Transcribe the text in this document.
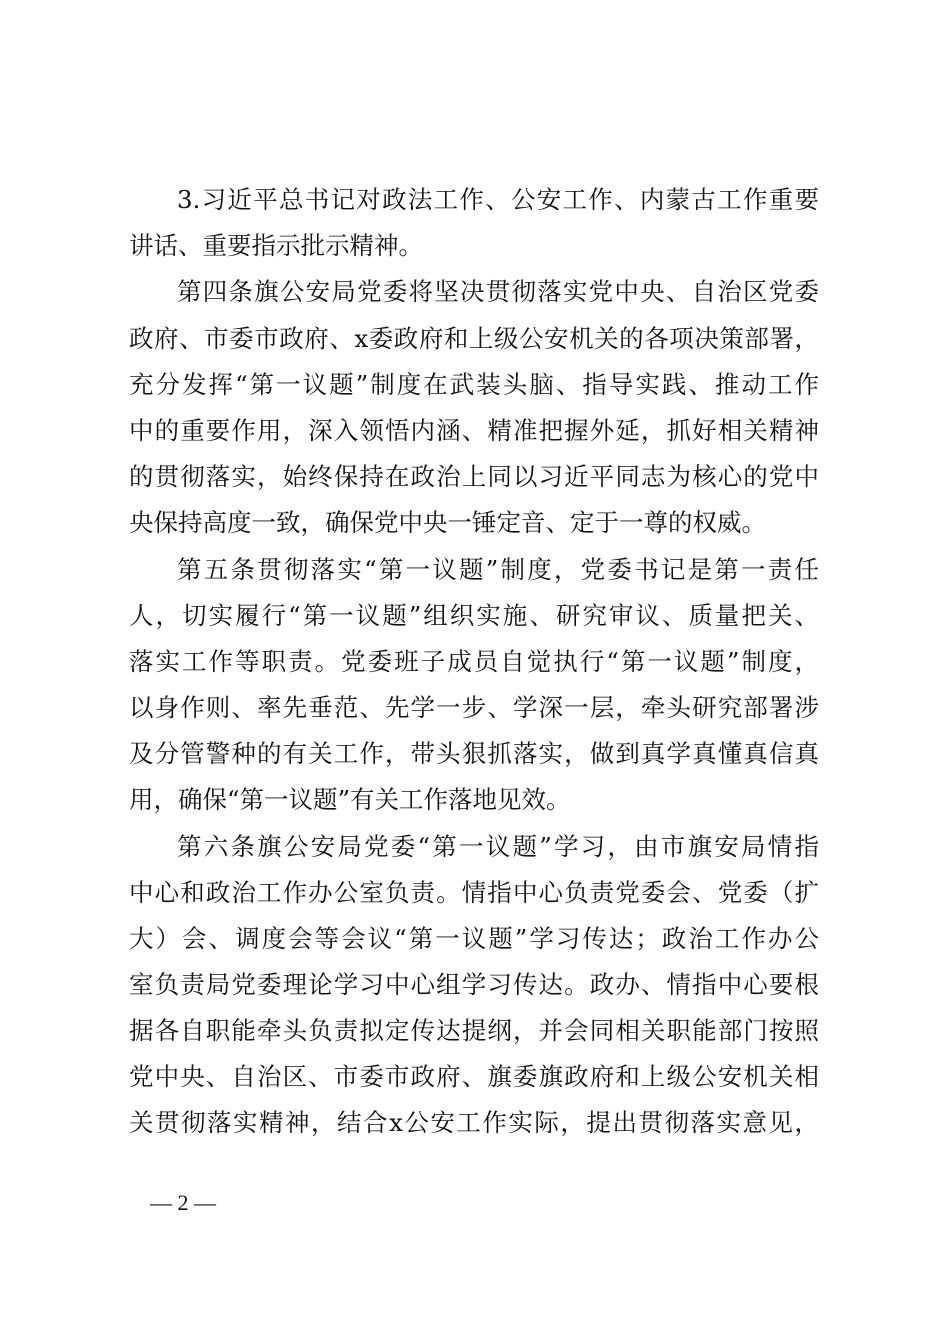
3.习近平总书记对政法工作、公安工作、内蒙古工作重要
讲话、重要指示批示精神。
第四条旗公安局党委将坚决贯彻落实党中央、自治区党委
政府、市委市政府、x委政府和上级公安机关的各项决策部署，
充分发挥“第一议题”制度在武装头脑、指导实践、推动工作
中的重要作用，深入领悟内涵、精准把握外延，抓好相关精神
的贯彻落实，始终保持在政治上同以习近平同志为核心的党中
央保持高度一致，确保党中央一锤定音、定于一尊的权威。
第五条贯彻落实“第一议题”制度，党委书记是第一责任
人，切实履行“第一议题”组织实施、研究审议、质量把关、
落实工作等职责。党委班子成员自觉执行“第一议题”制度，
以身作则、率先垂范、先学一步、学深一层，牵头研究部署涉
及分管警种的有关工作，带头狠抓落实，做到真学真懂真信真
用，确保“第一议题”有关工作落地见效。
第六条旗公安局党委“第一议题”学习，由市旗安局情指
中心和政治工作办公室负责。情指中心负责党委会、党委（扩
大）会、调度会等会议“第一议题”学习传达；政治工作办公
室负责局党委理论学习中心组学习传达。政办、情指中心要根
据各自职能牵头负责拟定传达提纲，并会同相关职能部门按照
党中央、自治区、市委市政府、旗委旗政府和上级公安机关相
关贯彻落实精神，结合x公安工作实际，提出贯彻落实意见，
— 2 —
